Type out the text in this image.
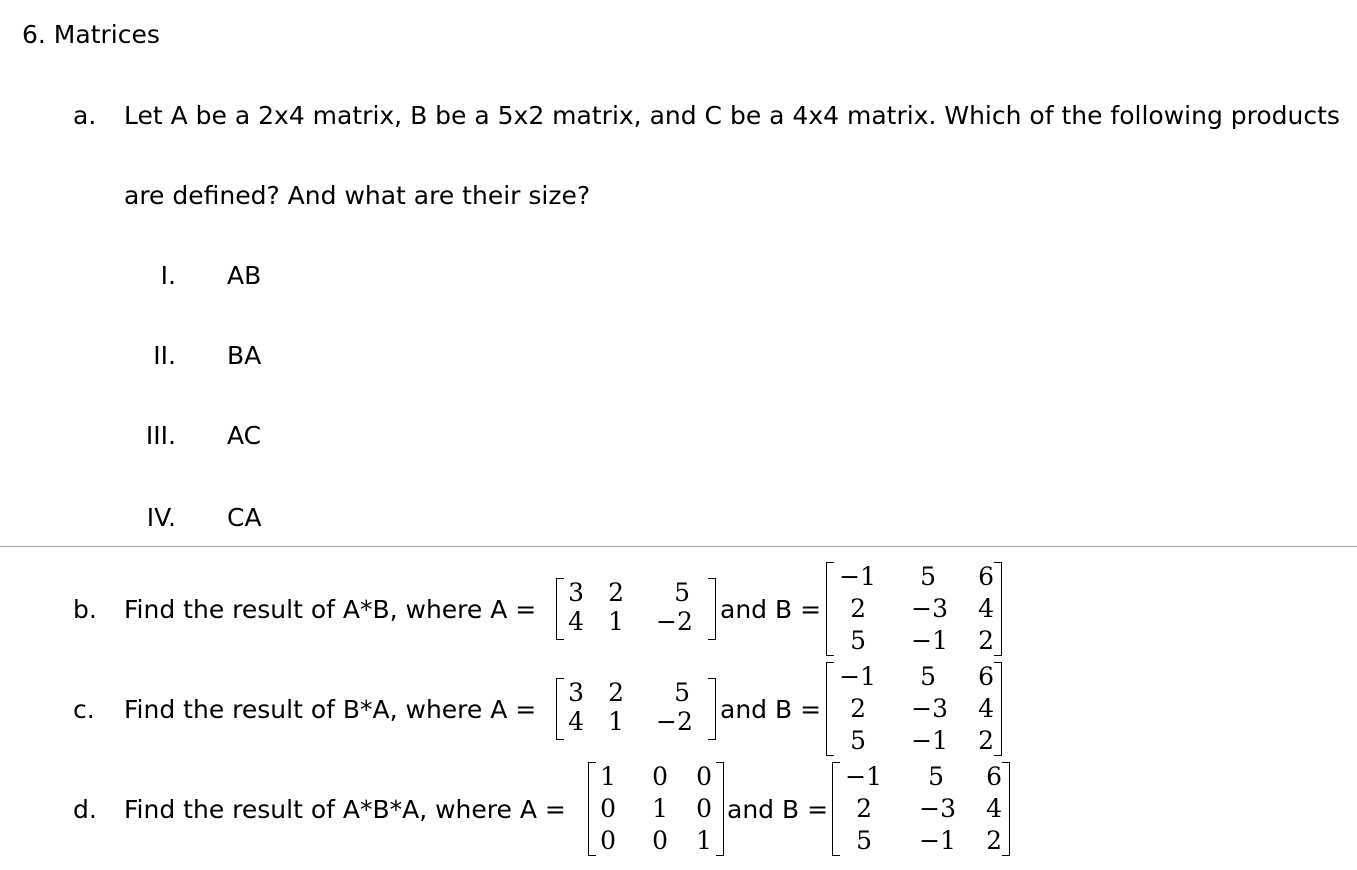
6. Matrices
a. Let A be a 2x4 matrix, B be a 5x2 matrix, and C be a 4x4 matrix. Which of the following products
are defined? And what are their size?
I. AB
II. BA
III. AC
IV. CA
b. Find the result of A*B, where A =
3 2	5
4 1 −2 and B =
−1	5	6
2 −3	4
5 −1	2
c. Find the result of B*A, where A =
3 2	5
4 1 −2 and B =
−1	5	6
2 −3	4
5 −1	2
d. Find the result of A*B*A, where A =
1	0	0
0	1	0
0	0	1
and B =
−1	5	6
2 −3	4
5 −1	2
